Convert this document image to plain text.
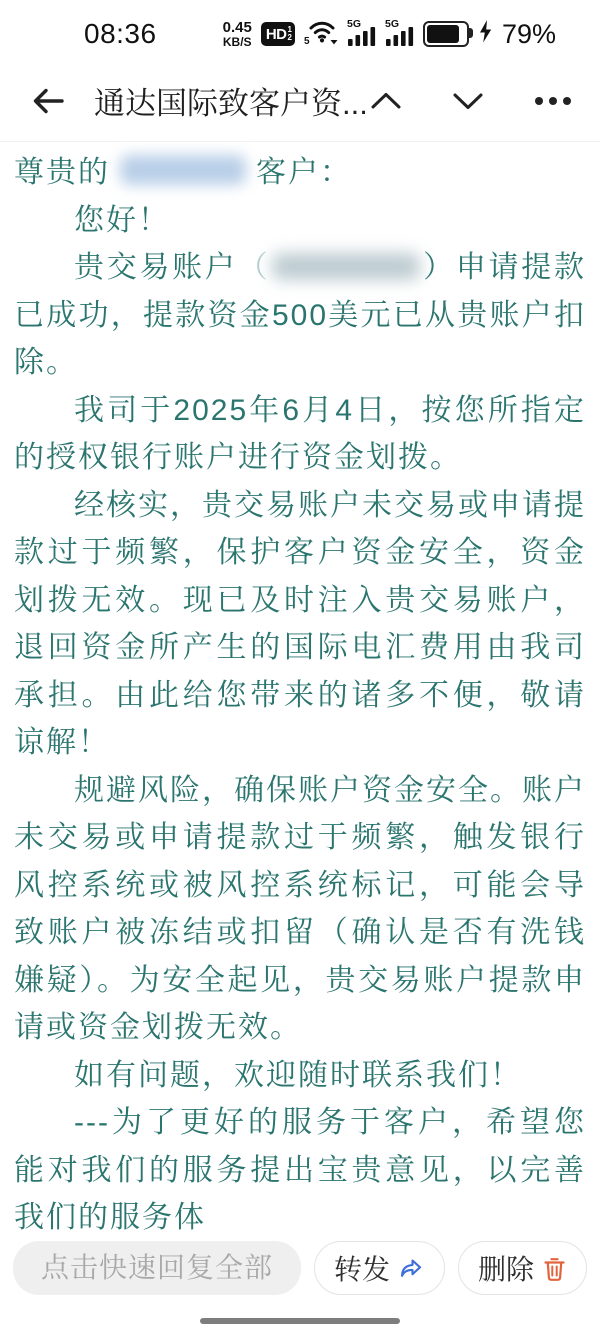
08:36	0.45
KB/S HD 1
2 5
5G 5G	79%
通达国际致客户资...

尊贵的	客户：

您好！

贵交易账户（	）申请提款已成功，提款资金500美元已从贵账户扣除。

我司于2025年6月4日，按您所指定的授权银行账户进行资金划拨。

经核实，贵交易账户未交易或申请提款过于频繁，保护客户资金安全，资金划拨无效。现已及时注入贵交易账户，退回资金所产生的国际电汇费用由我司承担。由此给您带来的诸多不便，敬请谅解！

规避风险，确保账户资金安全。账户未交易或申请提款过于频繁，触发银行风控系统或被风控系统标记，可能会导致账户被冻结或扣留（确认是否有洗钱嫌疑）。为安全起见，贵交易账户提款申请或资金划拨无效。

如有问题，欢迎随时联系我们！

---为了更好的服务于客户，希望您能对我们的服务提出宝贵意见，以完善我们的服务体

点击快速回复全部
转发	删除
